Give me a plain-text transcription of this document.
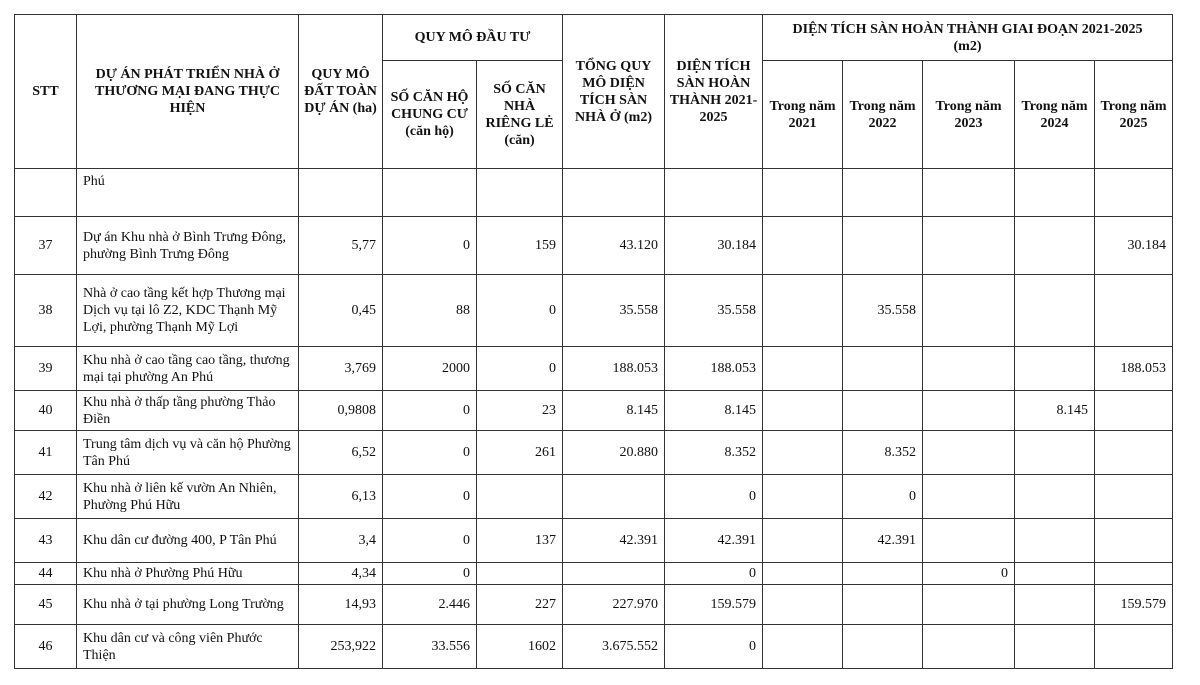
STT	DỰ ÁN PHÁT TRIỂN NHÀ Ở THƯƠNG MẠI ĐANG THỰC HIỆN	QUY MÔ ĐẤT TOÀN DỰ ÁN (ha)	QUY MÔ ĐẦU TƯ		TỔNG QUY MÔ DIỆN TÍCH SÀN NHÀ Ở (m2)	DIỆN TÍCH SÀN HOÀN THÀNH 2021-2025	DIỆN TÍCH SÀN HOÀN THÀNH GIAI ĐOẠN 2021-2025 (m2)				
			SỐ CĂN HỘ CHUNG CƯ (căn hộ)	SỐ CĂN NHÀ RIÊNG LẺ (căn)			Trong năm 2021	Trong năm 2022	Trong năm 2023	Trong năm 2024	Trong năm 2025
	Phú										
37	Dự án Khu nhà ở Bình Trưng Đông, phường Bình Trưng Đông	5,77	0	159	43.120	30.184					30.184
38	Nhà ở cao tầng kết hợp Thương mại Dịch vụ tại lô Z2, KDC Thạnh Mỹ Lợi, phường Thạnh Mỹ Lợi	0,45	88	0	35.558	35.558		35.558			
39	Khu nhà ở cao tầng cao tầng, thương mại tại phường An Phú	3,769	2000	0	188.053	188.053					188.053
40	Khu nhà ở thấp tầng phường Thảo Điền	0,9808	0	23	8.145	8.145				8.145	
41	Trung tâm dịch vụ và căn hộ Phường Tân Phú	6,52	0	261	20.880	8.352		8.352			
42	Khu nhà ở liên kế vườn An Nhiên, Phường Phú Hữu	6,13	0			0		0			
43	Khu dân cư đường 400, P Tân Phú	3,4	0	137	42.391	42.391		42.391			
44	Khu nhà ở Phường Phú Hữu	4,34	0			0			0		
45	Khu nhà ở tại phường Long Trường	14,93	2.446	227	227.970	159.579					159.579
46	Khu dân cư và công viên Phước Thiện	253,922	33.556	1602	3.675.552	0					
